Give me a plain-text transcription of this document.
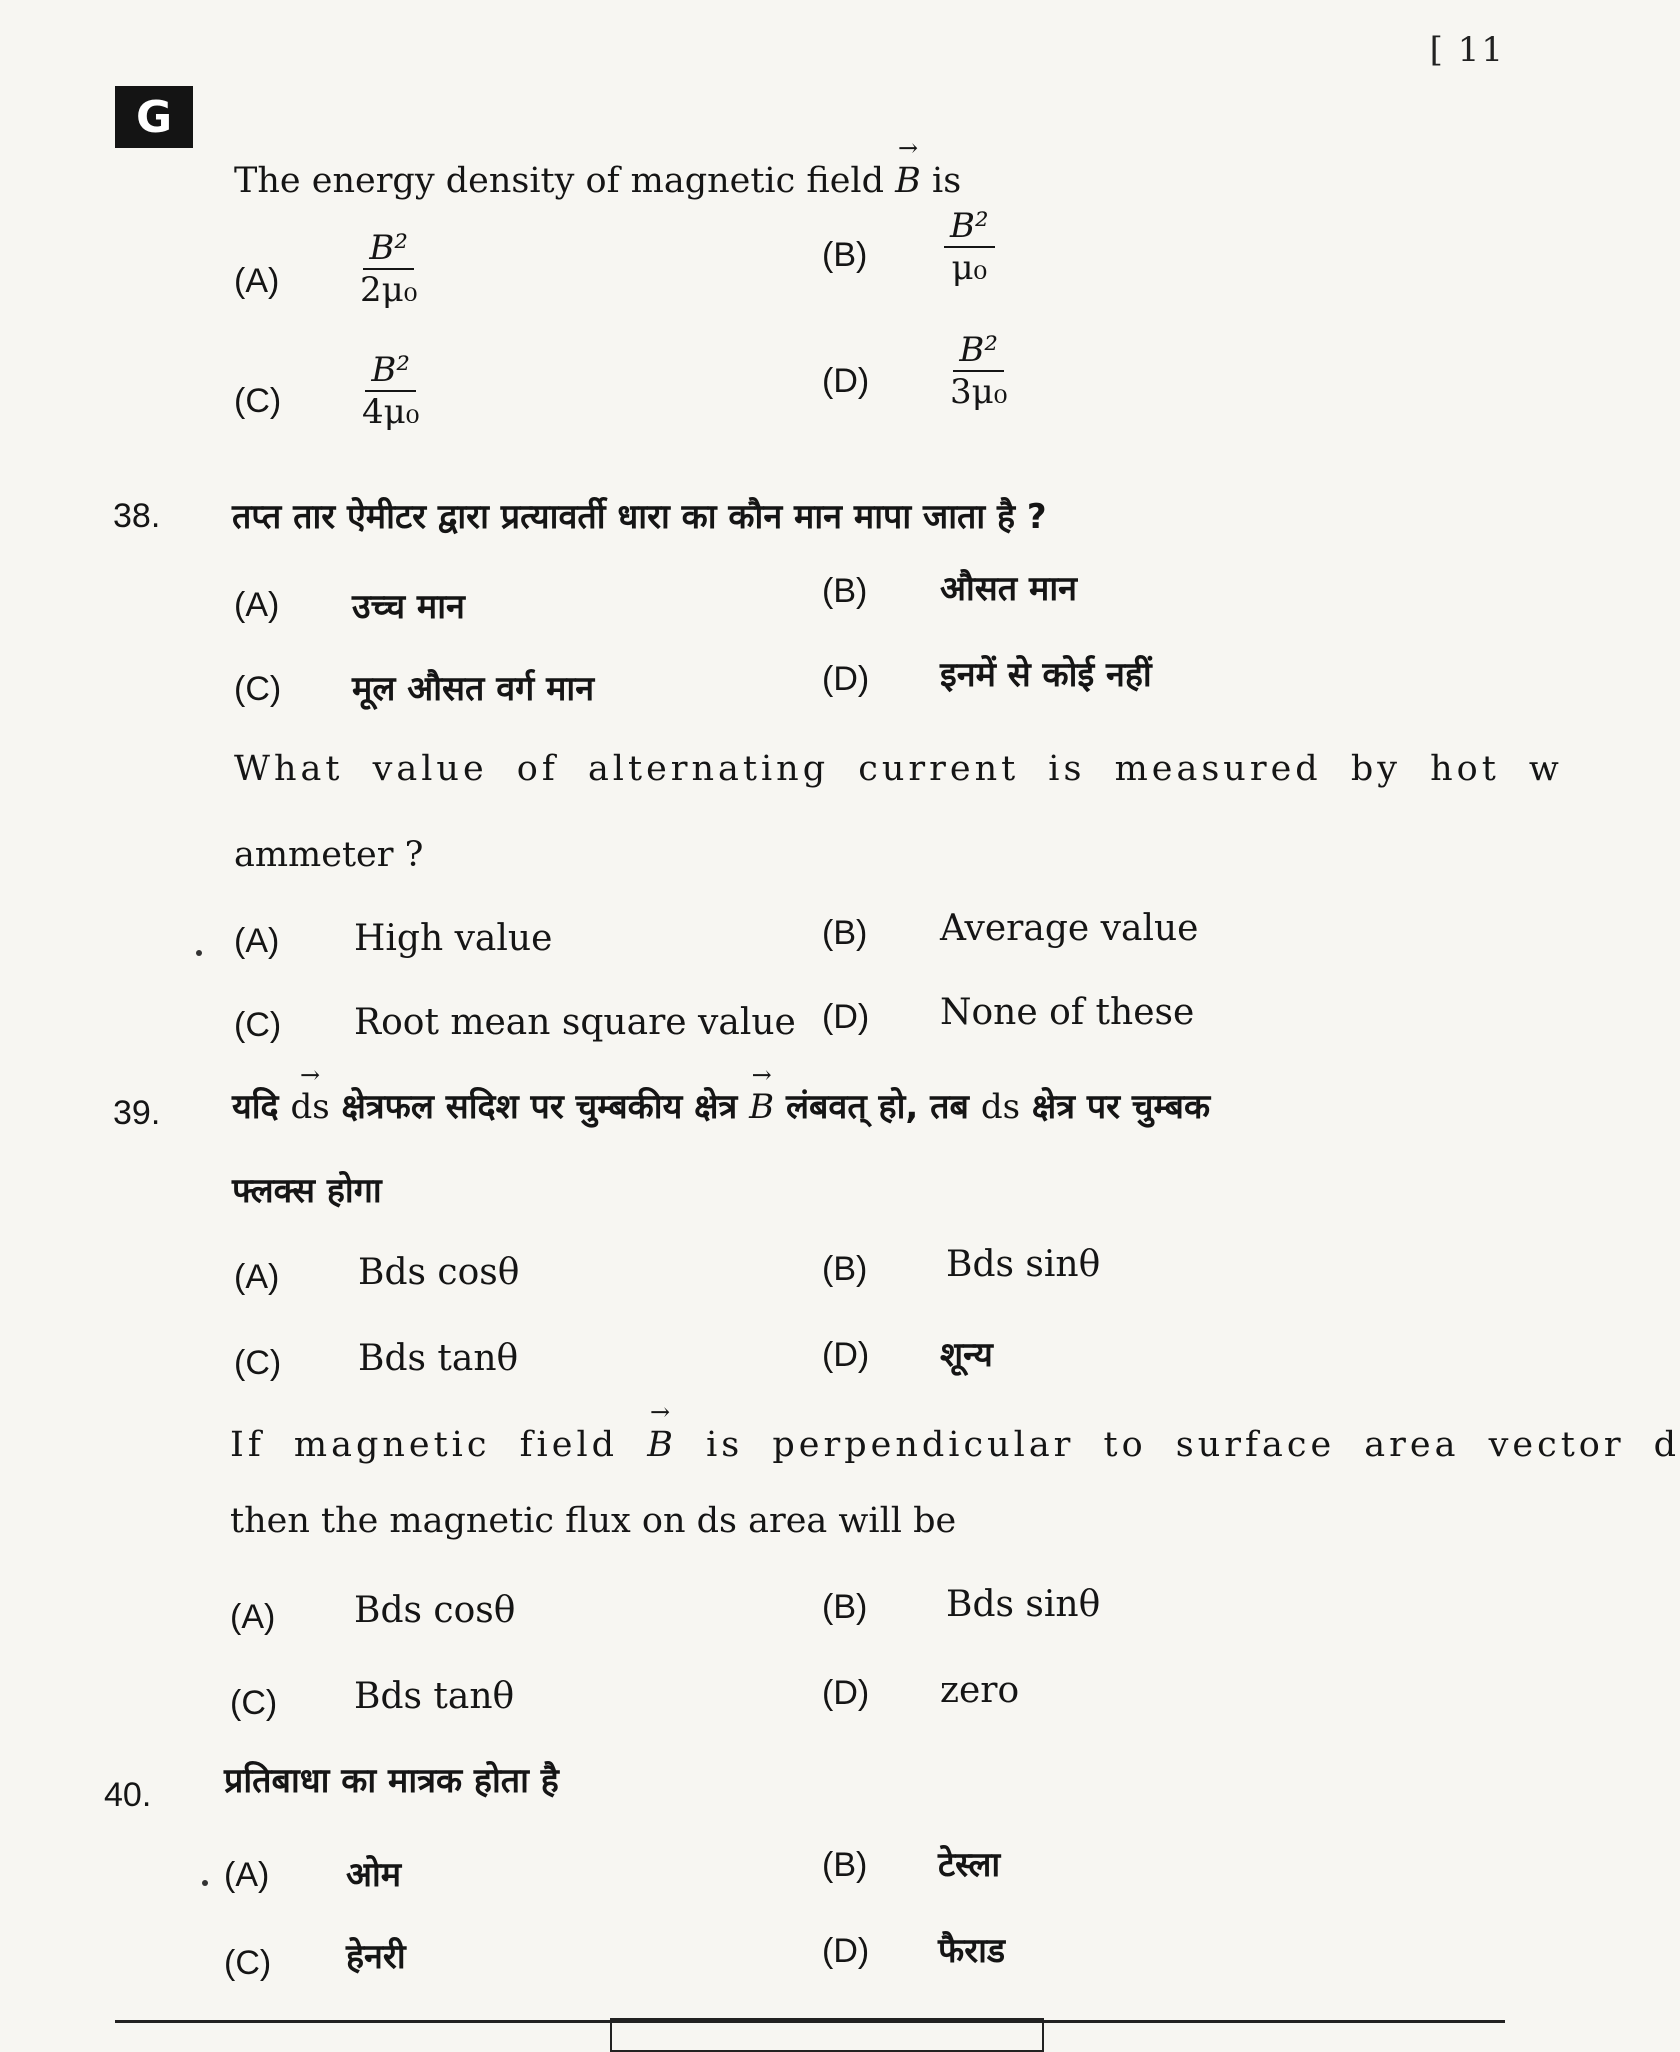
[ 11
G
The energy density of magnetic field → B is
$(A) \frac{\text{B²}}{\text{2μ₀}}$	$(B) \frac{\text{B²}}{\text{μ₀}}$
$(C) \frac{\text{B²}}{\text{4μ₀}}$	$(D) \frac{\text{B²}}{\text{3μ₀}}$
38. तप्त तार ऐमीटर द्वारा प्रत्यावर्ती धारा का कौन मान मापा जाता है ?
(A) उच्च मान	(B) औसत मान
(C) मूल औसत वर्ग मान	(D) इनमें से कोई नहीं
What value of alternating current is measured by hot w
ammeter ?
(A) High value	(B) Average value
(C) Root mean square value (D) None of these
39. यदि → ds क्षेत्रफल सदिश पर चुम्बकीय क्षेत्र → B लंबवत् हो, तब ds क्षेत्र पर चुम्बक
फ्लक्स होगा
(A) Bds cosθ	(B) Bds sinθ
(C) Bds tanθ	(D) शून्य
If magnetic field → B is perpendicular to surface area vector d
then the magnetic flux on ds area will be
(A) Bds cosθ	(B) Bds sinθ
(C) Bds tanθ	(D) zero
40. प्रतिबाधा का मात्रक होता है
(A) ओम	(B) टेस्ला
(C) हेनरी	(D) फैराड
